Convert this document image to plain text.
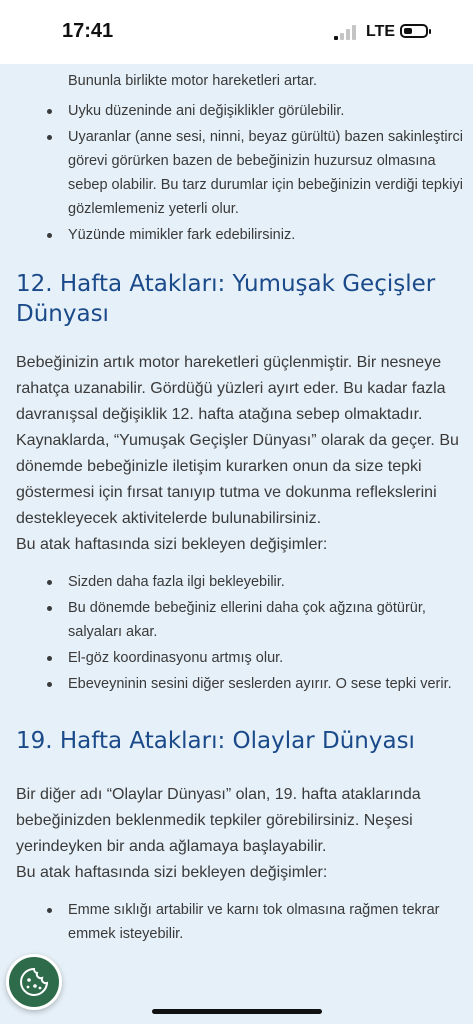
17:41	LTE
Bununla birlikte motor hareketleri artar.
Uyku düzeninde ani değişiklikler görülebilir.
Uyaranlar (anne sesi, ninni, beyaz gürültü) bazen sakinleştirci görevi görürken bazen de bebeğinizin huzursuz olmasına sebep olabilir. Bu tarz durumlar için bebeğinizin verdiği tepkiyi gözlemlemeniz yeterli olur.
Yüzünde mimikler fark edebilirsiniz.
12. Hafta Atakları: Yumuşak Geçişler Dünyası

Bebeğinizin artık motor hareketleri güçlenmiştir. Bir nesneye rahatça uzanabilir. Gördüğü yüzleri ayırt eder. Bu kadar fazla davranışsal değişiklik 12. hafta atağına sebep olmaktadır. Kaynaklarda, “Yumuşak Geçişler Dünyası” olarak da geçer. Bu dönemde bebeğinizle iletişim kurarken onun da size tepki göstermesi için fırsat tanıyıp tutma ve dokunma reflekslerini destekleyecek aktivitelerde bulunabilirsiniz.

Bu atak haftasında sizi bekleyen değişimler:

Sizden daha fazla ilgi bekleyebilir.
Bu dönemde bebeğiniz ellerini daha çok ağzına götürür, salyaları akar.
El-göz koordinasyonu artmış olur.
Ebeveyninin sesini diğer seslerden ayırır. O sese tepki verir.
19. Hafta Atakları: Olaylar Dünyası

Bir diğer adı “Olaylar Dünyası” olan, 19. hafta ataklarında bebeğinizden beklenmedik tepkiler görebilirsiniz. Neşesi yerindeyken bir anda ağlamaya başlayabilir.

Bu atak haftasında sizi bekleyen değişimler:

Emme sıklığı artabilir ve karnı tok olmasına rağmen tekrar emmek isteyebilir.
